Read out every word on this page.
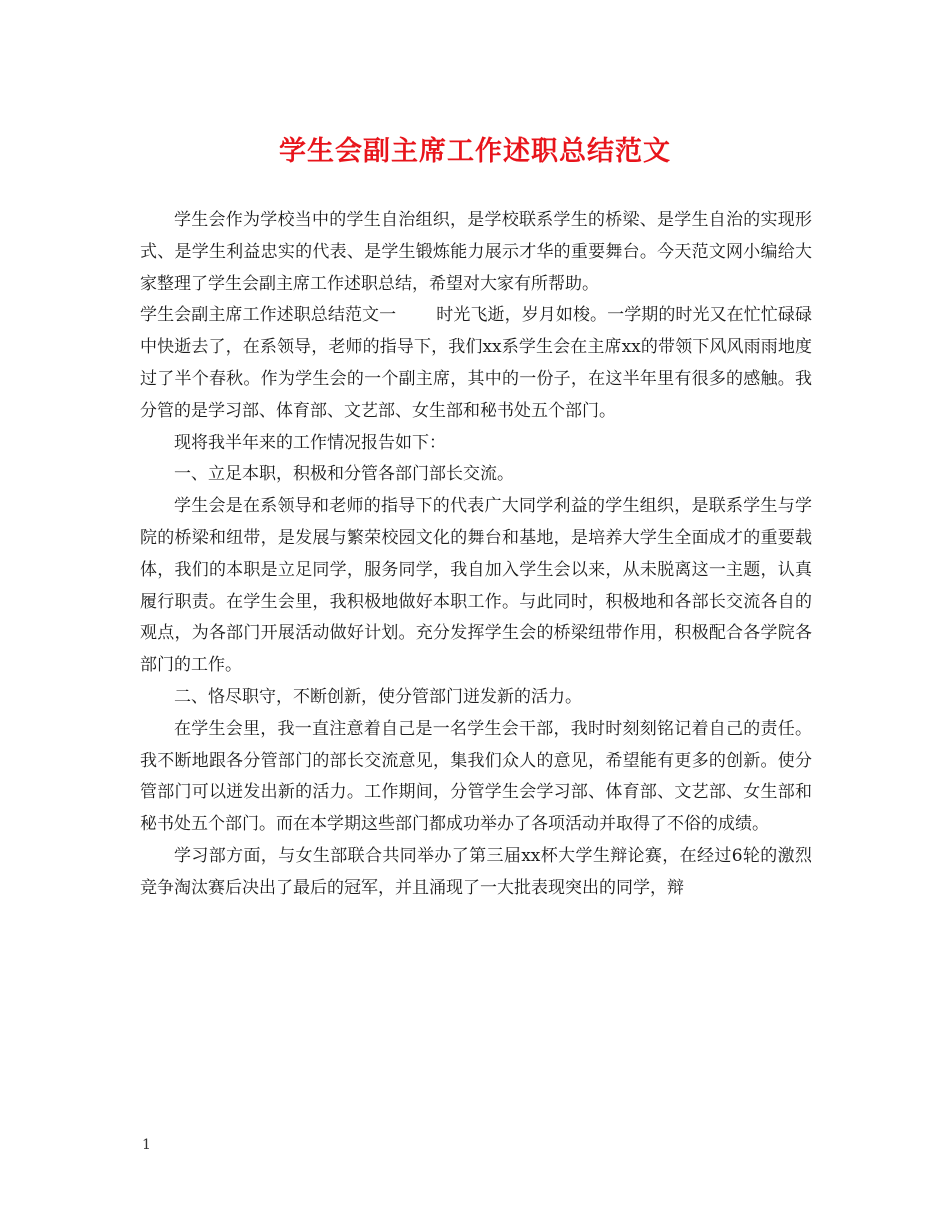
学生会副主席工作述职总结范文

学生会作为学校当中的学生自治组织，是学校联系学生的桥梁、是学生自治的实现形式、是学生利益忠实的代表、是学生锻炼能力展示才华的重要舞台。今天范文网小编给大家整理了学生会副主席工作述职总结，希望对大家有所帮助。

学生会副主席工作述职总结范文一 时光飞逝，岁月如梭。一学期的时光又在忙忙碌碌中快逝去了，在系领导，老师的指导下，我们xx系学生会在主席xx的带领下风风雨雨地度过了半个春秋。作为学生会的一个副主席，其中的一份子，在这半年里有很多的感触。我分管的是学习部、体育部、文艺部、女生部和秘书处五个部门。

现将我半年来的工作情况报告如下：

一、立足本职，积极和分管各部门部长交流。

学生会是在系领导和老师的指导下的代表广大同学利益的学生组织，是联系学生与学院的桥梁和纽带，是发展与繁荣校园文化的舞台和基地，是培养大学生全面成才的重要载体，我们的本职是立足同学，服务同学，我自加入学生会以来，从未脱离这一主题，认真履行职责。在学生会里，我积极地做好本职工作。与此同时，积极地和各部长交流各自的观点，为各部门开展活动做好计划。充分发挥学生会的桥梁纽带作用，积极配合各学院各部门的工作。

二、恪尽职守，不断创新，使分管部门迸发新的活力。

在学生会里，我一直注意着自己是一名学生会干部，我时时刻刻铭记着自己的责任。我不断地跟各分管部门的部长交流意见，集我们众人的意见，希望能有更多的创新。使分管部门可以迸发出新的活力。工作期间，分管学生会学习部、体育部、文艺部、女生部和秘书处五个部门。而在本学期这些部门都成功举办了各项活动并取得了不俗的成绩。

学习部方面，与女生部联合共同举办了第三届xx杯大学生辩论赛，在经过6轮的激烈竞争淘汰赛后决出了最后的冠军，并且涌现了一大批表现突出的同学，辩

1
